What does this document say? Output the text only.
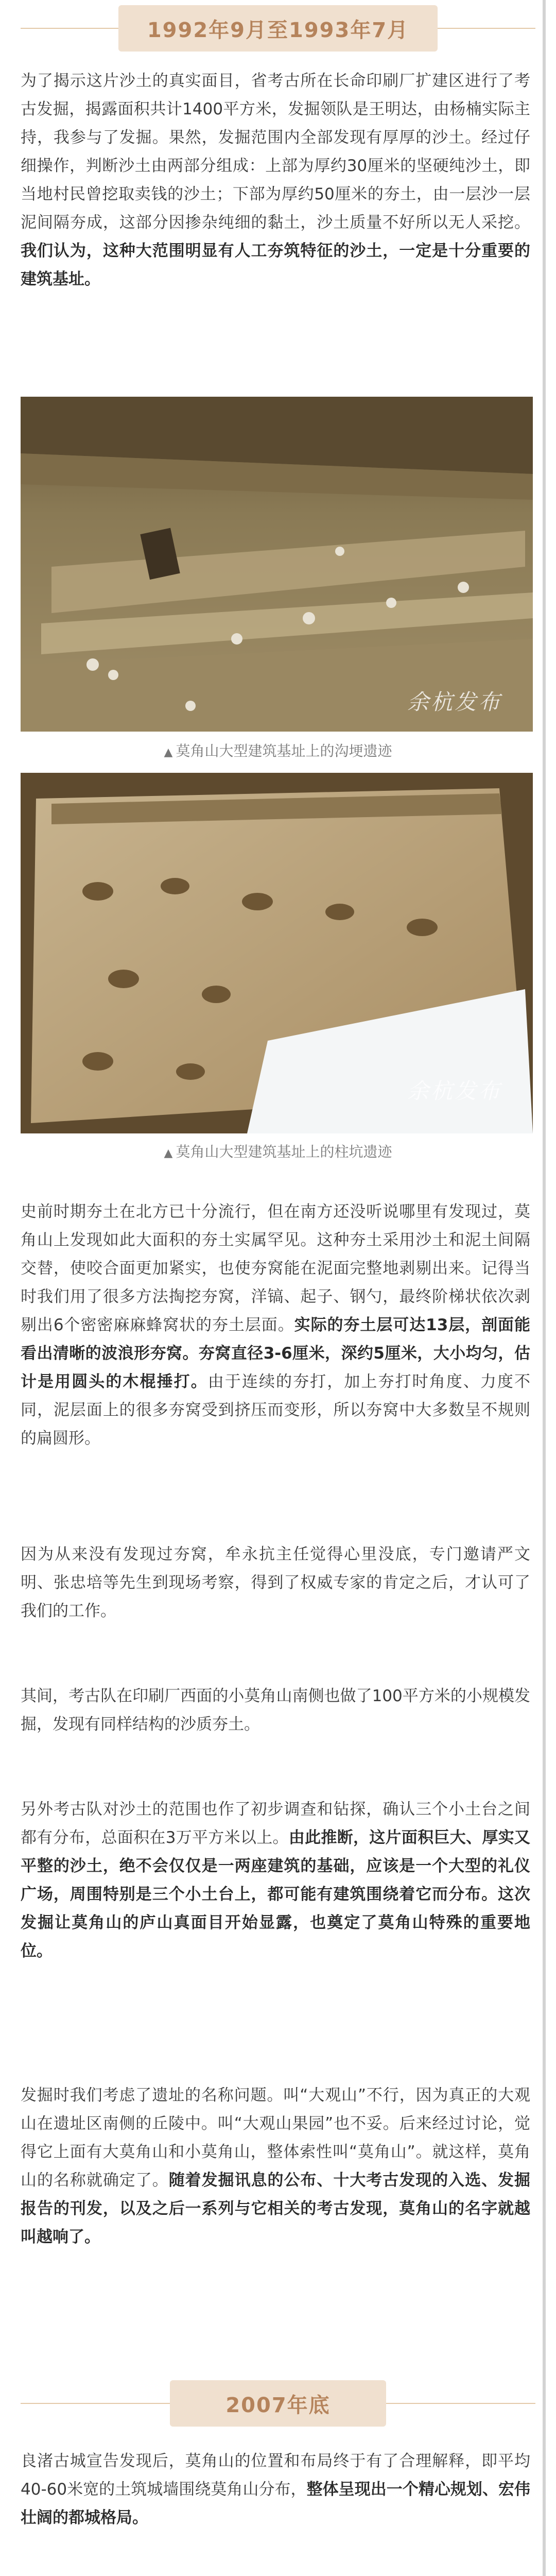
1992年9月至1993年7月
为了揭示这片沙土的真实面目，省考古所在长命印刷厂扩建区进行了考古发掘，揭露面积共计1400平方米，发掘领队是王明达，由杨楠实际主持，我参与了发掘。果然，发掘范围内全部发现有厚厚的沙土。经过仔细操作，判断沙土由两部分组成：上部为厚约30厘米的坚硬纯沙土，即当地村民曾挖取卖钱的沙土；下部为厚约50厘米的夯土，由一层沙一层泥间隔夯成，这部分因掺杂纯细的黏土，沙土质量不好所以无人采挖。我们认为，这种大范围明显有人工夯筑特征的沙土，一定是十分重要的建筑基址。
余杭发布
▲ 莫角山大型建筑基址上的沟埂遗迹
余杭发布
▲ 莫角山大型建筑基址上的柱坑遗迹
史前时期夯土在北方已十分流行，但在南方还没听说哪里有发现过，莫角山上发现如此大面积的夯土实属罕见。这种夯土采用沙土和泥土间隔交替，使咬合面更加紧实，也使夯窝能在泥面完整地剥剔出来。记得当时我们用了很多方法掏挖夯窝，洋镐、起子、钢勺，最终阶梯状依次剥剔出6个密密麻麻蜂窝状的夯土层面。实际的夯土层可达13层，剖面能看出清晰的波浪形夯窝。夯窝直径3-6厘米，深约5厘米，大小均匀，估计是用圆头的木棍捶打。由于连续的夯打，加上夯打时角度、力度不同，泥层面上的很多夯窝受到挤压而变形，所以夯窝中大多数呈不规则的扁圆形。
因为从来没有发现过夯窝，牟永抗主任觉得心里没底，专门邀请严文明、张忠培等先生到现场考察，得到了权威专家的肯定之后，才认可了我们的工作。
其间，考古队在印刷厂西面的小莫角山南侧也做了100平方米的小规模发掘，发现有同样结构的沙质夯土。
另外考古队对沙土的范围也作了初步调查和钻探，确认三个小土台之间都有分布，总面积在3万平方米以上。由此推断，这片面积巨大、厚实又平整的沙土，绝不会仅仅是一两座建筑的基础，应该是一个大型的礼仪广场，周围特别是三个小土台上，都可能有建筑围绕着它而分布。这次发掘让莫角山的庐山真面目开始显露，也奠定了莫角山特殊的重要地位。
发掘时我们考虑了遗址的名称问题。叫“大观山”不行，因为真正的大观山在遗址区南侧的丘陵中。叫“大观山果园”也不妥。后来经过讨论，觉得它上面有大莫角山和小莫角山，整体索性叫“莫角山”。就这样，莫角山的名称就确定了。随着发掘讯息的公布、十大考古发现的入选、发掘报告的刊发，以及之后一系列与它相关的考古发现，莫角山的名字就越叫越响了。
2007年底
良渚古城宣告发现后，莫角山的位置和布局终于有了合理解释，即平均40-60米宽的土筑城墙围绕莫角山分布，整体呈现出一个精心规划、宏伟壮阔的都城格局。
